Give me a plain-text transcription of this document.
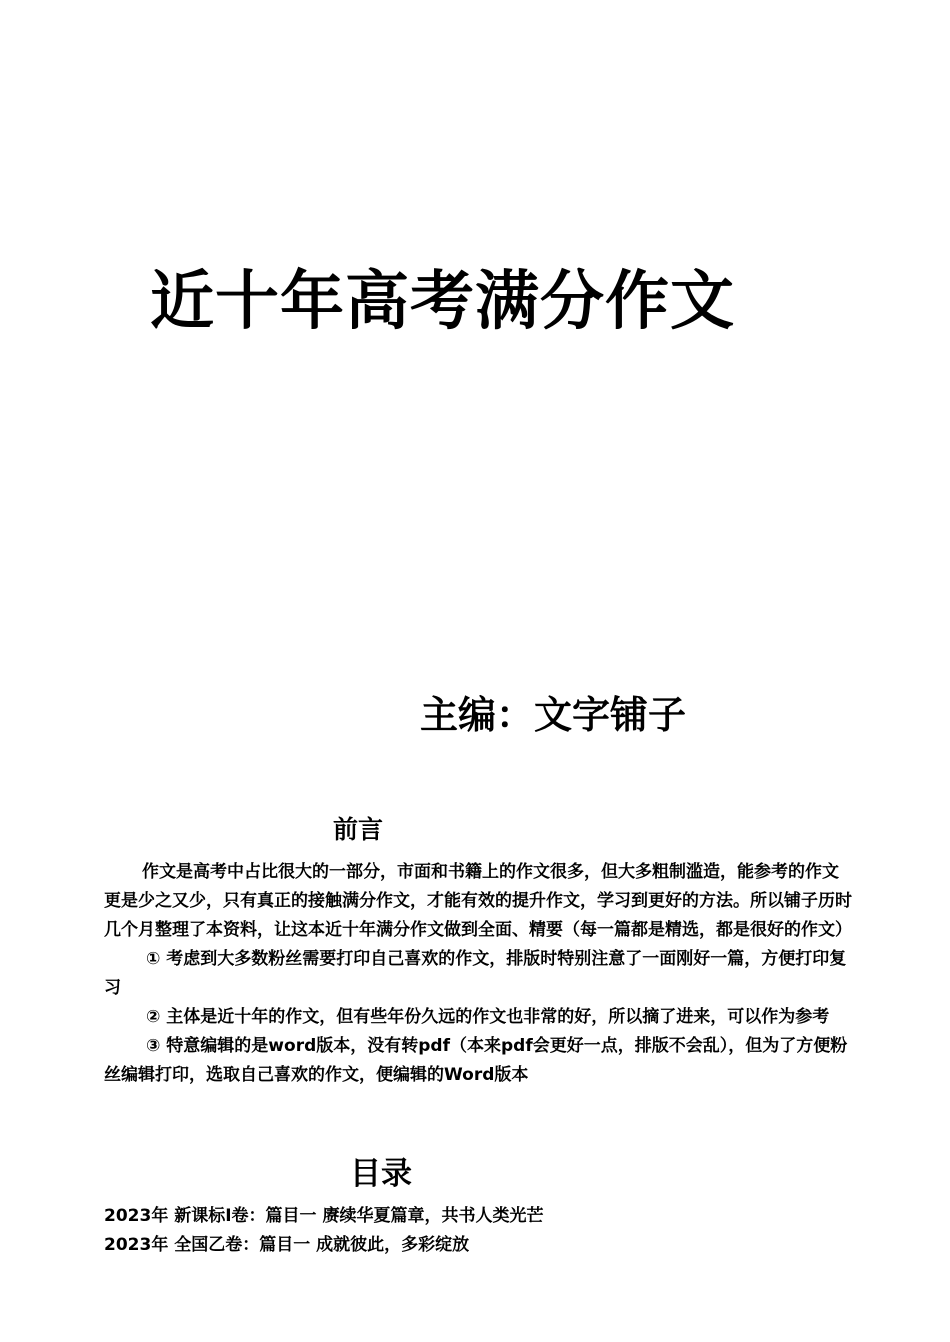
近十年高考满分作文
主编：文字铺子
前言

作文是高考中占比很大的一部分，市面和书籍上的作文很多，但大多粗制滥造，能参考的作文更是少之又少，只有真正的接触满分作文，才能有效的提升作文，学习到更好的方法。所以铺子历时几个月整理了本资料，让这本近十年满分作文做到全面、精要（每一篇都是精选，都是很好的作文）

① 考虑到大多数粉丝需要打印自己喜欢的作文，排版时特别注意了一面刚好一篇，方便打印复习

② 主体是近十年的作文，但有些年份久远的作文也非常的好，所以摘了进来，可以作为参考

③ 特意编辑的是word版本，没有转pdf（本来pdf会更好一点，排版不会乱），但为了方便粉丝编辑打印，选取自己喜欢的作文，便编辑的Word版本

目录
2023年 新课标Ⅰ卷：篇目一 赓续华夏篇章，共书人类光芒
2023年 全国乙卷：篇目一 成就彼此，多彩绽放
